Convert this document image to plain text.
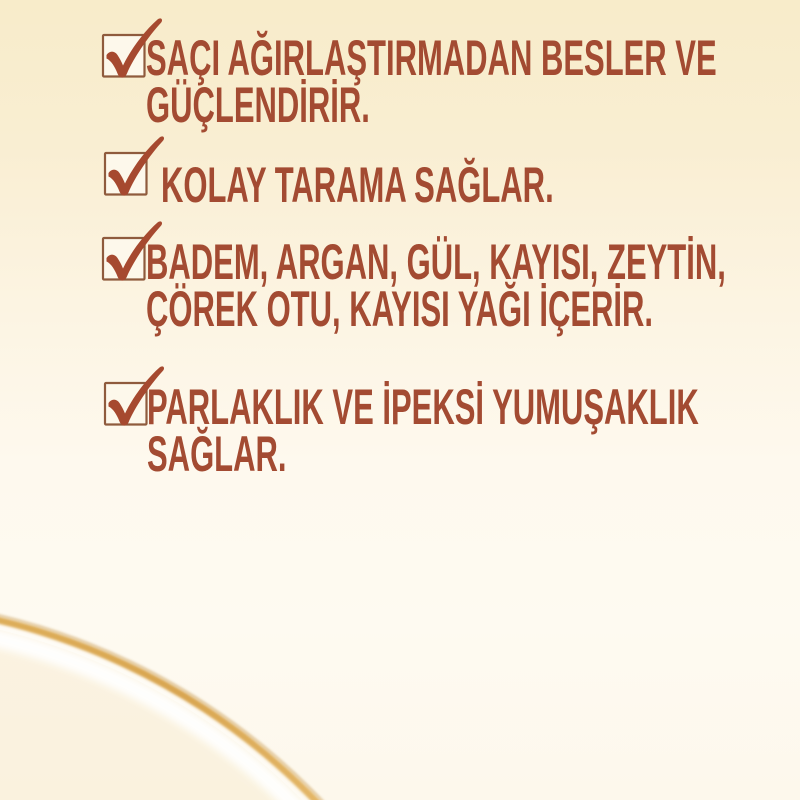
SAÇI AĞIRLAŞTIRMADAN BESLER VE
GÜÇLENDİRİR.
KOLAY TARAMA SAĞLAR.
BADEM, ARGAN, GÜL, KAYISI, ZEYTİN,
ÇÖREK OTU, KAYISI YAĞI İÇERİR.
PARLAKLIK VE İPEKSİ YUMUŞAKLIK
SAĞLAR.
